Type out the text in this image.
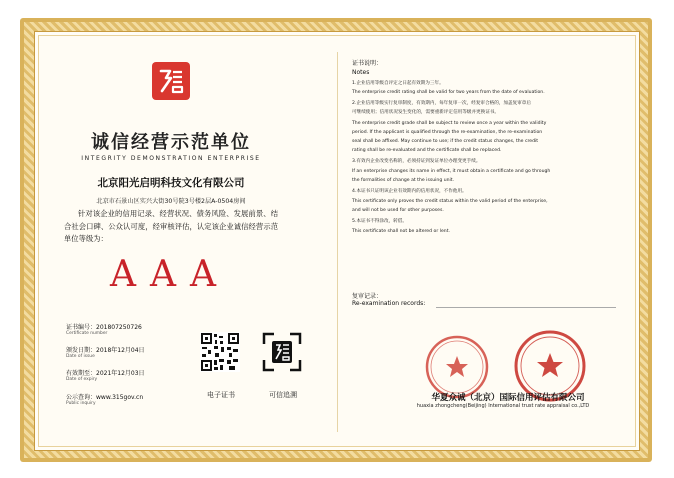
诚信经营示范单位
INTEGRITY DEMONSTRATION ENTERPRISE
北京阳光启明科技文化有限公司
北京市石景山区实兴大街30号院3号楼2层A-0504房间
针对该企业的信用记录、经营状况、债务风险、发展前景、结合社会口碑、公众认可度，经审核评估，认定该企业诚信经营示范单位等级为：
AAA
证书编号：201807250726
Certificate number
颁发日期：2018年12月04日
Date of issue
有效期至：2021年12月03日
Date of expiry
公示查询：www.315gov.cn
Public inquiry
电子证书	可信追溯
证书说明：
Notes
1.企业信用等级自评定之日起有效期为三年。
The enterprise credit rating shall be valid for two years from the date of evaluation.
2.企业信用等级实行复审制度，有效期内，每年复审一次，经复审合格的，加盖复审章后
可继续使用；信用状况发生变化的，需要重新评定信用等级并更换证书。
The enterprise credit grade shall be subject to review once a year within the validity
period. If the applicant is qualified through the re-examination, the re-examination
seal shall be affixed. May continue to use; if the credit status changes, the credit
rating shall be re-evaluated and the certificate shall be replaced.
3.有效内企业改变名称的，必须持证到发证单位办理变更手续。
If an enterprise changes its name in effect, it must obtain a certificate and go through
the formalities of change at the issuing unit.
4.本证书只证明该企业有效期内的信用状况，不作他用。
This certificate only proves the credit status within the valid period of the enterprise,
and will not be used for other purposes.
5.本证书不得涂改，转借。
This certificate shall not be altered or lent.
复审记录：
Re-examination records:
华夏众诚（北京）国际信用评估有限公司
huaxia zhongcheng(Beijing) International trust rate appraisal co.,LTD
